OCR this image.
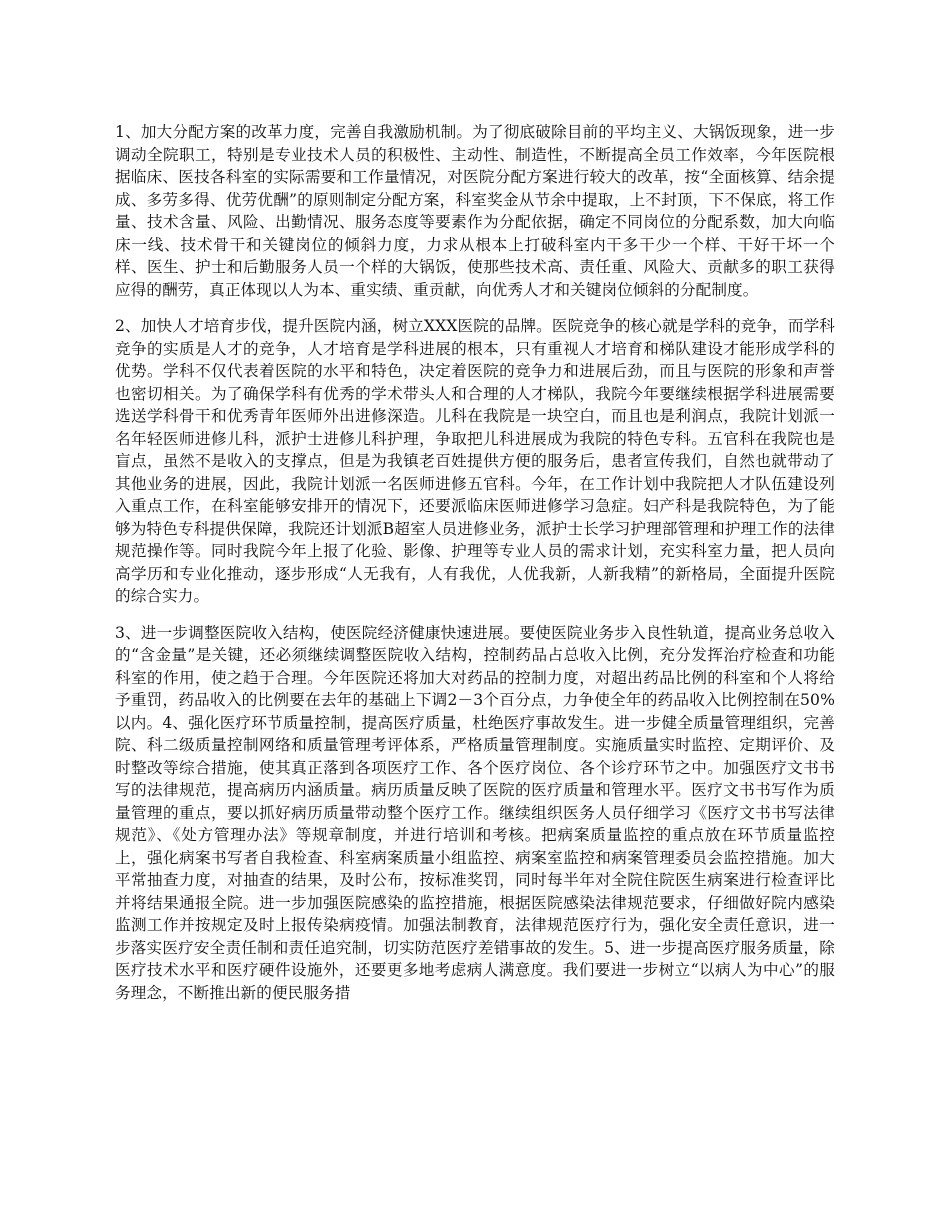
1、加大分配方案的改革力度，完善自我激励机制。为了彻底破除目前的平均主义、大锅饭现象，进一步调动全院职工，特别是专业技术人员的积极性、主动性、制造性，不断提高全员工作效率，今年医院根据临床、医技各科室的实际需要和工作量情况，对医院分配方案进行较大的改革，按“全面核算、结余提成、多劳多得、优劳优酬”的原则制定分配方案，科室奖金从节余中提取，上不封顶，下不保底，将工作量、技术含量、风险、出勤情况、服务态度等要素作为分配依据，确定不同岗位的分配系数，加大向临床一线、技术骨干和关键岗位的倾斜力度，力求从根本上打破科室内干多干少一个样、干好干坏一个样、医生、护士和后勤服务人员一个样的大锅饭，使那些技术高、责任重、风险大、贡献多的职工获得应得的酬劳，真正体现以人为本、重实绩、重贡献，向优秀人才和关键岗位倾斜的分配制度。

2、加快人才培育步伐，提升医院内涵，树立XXX医院的品牌。医院竞争的核心就是学科的竞争，而学科竞争的实质是人才的竞争，人才培育是学科进展的根本，只有重视人才培育和梯队建设才能形成学科的优势。学科不仅代表着医院的水平和特色，决定着医院的竞争力和进展后劲，而且与医院的形象和声誉也密切相关。为了确保学科有优秀的学术带头人和合理的人才梯队，我院今年要继续根据学科进展需要选送学科骨干和优秀青年医师外出进修深造。儿科在我院是一块空白，而且也是利润点，我院计划派一名年轻医师进修儿科，派护士进修儿科护理，争取把儿科进展成为我院的特色专科。五官科在我院也是盲点，虽然不是收入的支撑点，但是为我镇老百姓提供方便的服务后，患者宣传我们，自然也就带动了其他业务的进展，因此，我院计划派一名医师进修五官科。今年，在工作计划中我院把人才队伍建设列入重点工作，在科室能够安排开的情况下，还要派临床医师进修学习急症。妇产科是我院特色，为了能够为特色专科提供保障，我院还计划派B超室人员进修业务，派护士长学习护理部管理和护理工作的法律规范操作等。同时我院今年上报了化验、影像、护理等专业人员的需求计划，充实科室力量，把人员向高学历和专业化推动，逐步形成“人无我有，人有我优，人优我新，人新我精”的新格局，全面提升医院的综合实力。

3、进一步调整医院收入结构，使医院经济健康快速进展。要使医院业务步入良性轨道，提高业务总收入的“含金量”是关键，还必须继续调整医院收入结构，控制药品占总收入比例，充分发挥治疗检查和功能科室的作用，使之趋于合理。今年医院还将加大对药品的控制力度，对超出药品比例的科室和个人将给予重罚，药品收入的比例要在去年的基础上下调2－3个百分点，力争使全年的药品收入比例控制在50%以内。4、强化医疗环节质量控制，提高医疗质量，杜绝医疗事故发生。进一步健全质量管理组织，完善院、科二级质量控制网络和质量管理考评体系，严格质量管理制度。实施质量实时监控、定期评价、及时整改等综合措施，使其真正落到各项医疗工作、各个医疗岗位、各个诊疗环节之中。加强医疗文书书写的法律规范，提高病历内涵质量。病历质量反映了医院的医疗质量和管理水平。医疗文书书写作为质量管理的重点，要以抓好病历质量带动整个医疗工作。继续组织医务人员仔细学习《医疗文书书写法律规范》、《处方管理办法》等规章制度，并进行培训和考核。把病案质量监控的重点放在环节质量监控上，强化病案书写者自我检查、科室病案质量小组监控、病案室监控和病案管理委员会监控措施。加大平常抽查力度，对抽查的结果，及时公布，按标准奖罚，同时每半年对全院住院医生病案进行检查评比并将结果通报全院。进一步加强医院感染的监控措施，根据医院感染法律规范要求，仔细做好院内感染监测工作并按规定及时上报传染病疫情。加强法制教育，法律规范医疗行为，强化安全责任意识，进一步落实医疗安全责任制和责任追究制，切实防范医疗差错事故的发生。5、进一步提高医疗服务质量，除医疗技术水平和医疗硬件设施外，还要更多地考虑病人满意度。我们要进一步树立“以病人为中心”的服务理念，不断推出新的便民服务措
